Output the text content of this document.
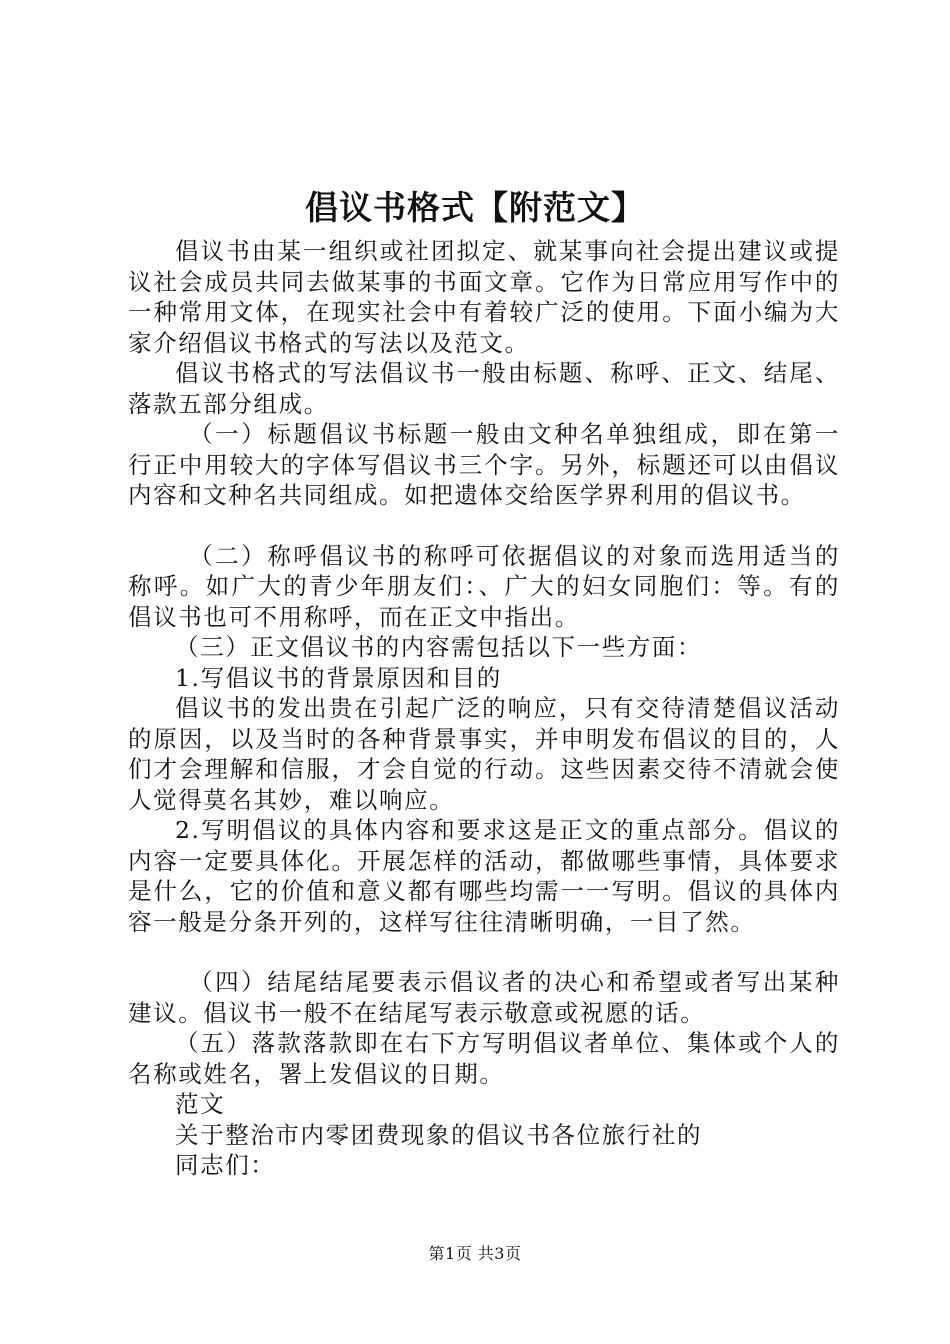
倡议书格式【附范文】

倡议书由某一组织或社团拟定、就某事向社会提出建议或提议社会成员共同去做某事的书面文章。它作为日常应用写作中的一种常用文体，在现实社会中有着较广泛的使用。下面小编为大家介绍倡议书格式的写法以及范文。

倡议书格式的写法倡议书一般由标题、称呼、正文、结尾、落款五部分组成。

（一）标题倡议书标题一般由文种名单独组成，即在第一行正中用较大的字体写倡议书三个字。另外，标题还可以由倡议内容和文种名共同组成。如把遗体交给医学界利用的倡议书。

（二）称呼倡议书的称呼可依据倡议的对象而选用适当的称呼。如广大的青少年朋友们：、广大的妇女同胞们：等。有的倡议书也可不用称呼，而在正文中指出。

（三）正文倡议书的内容需包括以下一些方面：

1.写倡议书的背景原因和目的

倡议书的发出贵在引起广泛的响应，只有交待清楚倡议活动的原因，以及当时的各种背景事实，并申明发布倡议的目的，人们才会理解和信服，才会自觉的行动。这些因素交待不清就会使人觉得莫名其妙，难以响应。

2.写明倡议的具体内容和要求这是正文的重点部分。倡议的内容一定要具体化。开展怎样的活动，都做哪些事情，具体要求是什么，它的价值和意义都有哪些均需一一写明。倡议的具体内容一般是分条开列的，这样写往往清晰明确，一目了然。

（四）结尾结尾要表示倡议者的决心和希望或者写出某种建议。倡议书一般不在结尾写表示敬意或祝愿的话。

（五）落款落款即在右下方写明倡议者单位、集体或个人的名称或姓名，署上发倡议的日期。

范文

关于整治市内零团费现象的倡议书各位旅行社的

同志们：

第1页 共3页
